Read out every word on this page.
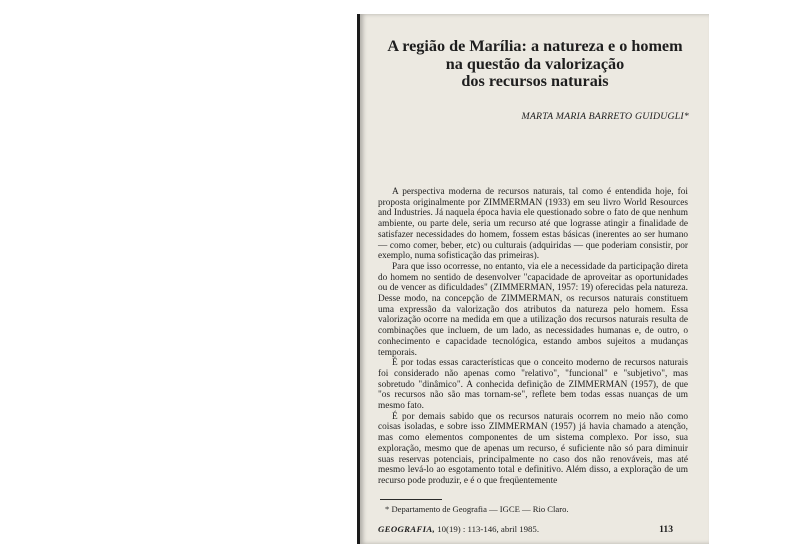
A região de Marília: a natureza e o homem
na questão da valorização
dos recursos naturais
MARTA MARIA BARRETO GUIDUGLI*

A perspectiva moderna de recursos naturais, tal como é entendida hoje, foi proposta originalmente por ZIMMERMAN (1933) em seu livro World Resources and Industries. Já naquela época havia ele questionado sobre o fato de que nenhum ambiente, ou parte dele, seria um recurso até que lograsse atingir a finalidade de satisfazer necessidades do homem, fossem estas básicas (inerentes ao ser humano — como comer, beber, etc) ou culturais (adquiridas — que poderiam consistir, por exemplo, numa sofisticação das primeiras).

Para que isso ocorresse, no entanto, via ele a necessidade da participação direta do homem no sentido de desenvolver "capacidade de aproveitar as oportunidades ou de vencer as dificuldades" (ZIMMERMAN, 1957: 19) oferecidas pela natureza. Desse modo, na concepção de ZIMMERMAN, os recursos naturais constituem uma expressão da valorização dos atributos da natureza pelo homem. Essa valorização ocorre na medida em que a utilização dos recursos naturais resulta de combinações que incluem, de um lado, as necessidades humanas e, de outro, o conhecimento e capacidade tecnológica, estando ambos sujeitos a mudanças temporais.

É por todas essas características que o conceito moderno de recursos naturais foi considerado não apenas como "relativo", "funcional" e "subjetivo", mas sobretudo "dinâmico". A conhecida definição de ZIMMERMAN (1957), de que "os recursos não são mas tornam-se", reflete bem todas essas nuanças de um mesmo fato.

É por demais sabido que os recursos naturais ocorrem no meio não como coisas isoladas, e sobre isso ZIMMERMAN (1957) já havia chamado a atenção, mas como elementos componentes de um sistema complexo. Por isso, sua exploração, mesmo que de apenas um recurso, é suficiente não só para diminuir suas reservas potenciais, principalmente no caso dos não renováveis, mas até mesmo levá-lo ao esgotamento total e definitivo. Além disso, a exploração de um recurso pode produzir, e é o que freqüentemente

* Departamento de Geografia — IGCE — Rio Claro.
GEOGRAFIA, 10(19) : 113-146, abril 1985.	113
